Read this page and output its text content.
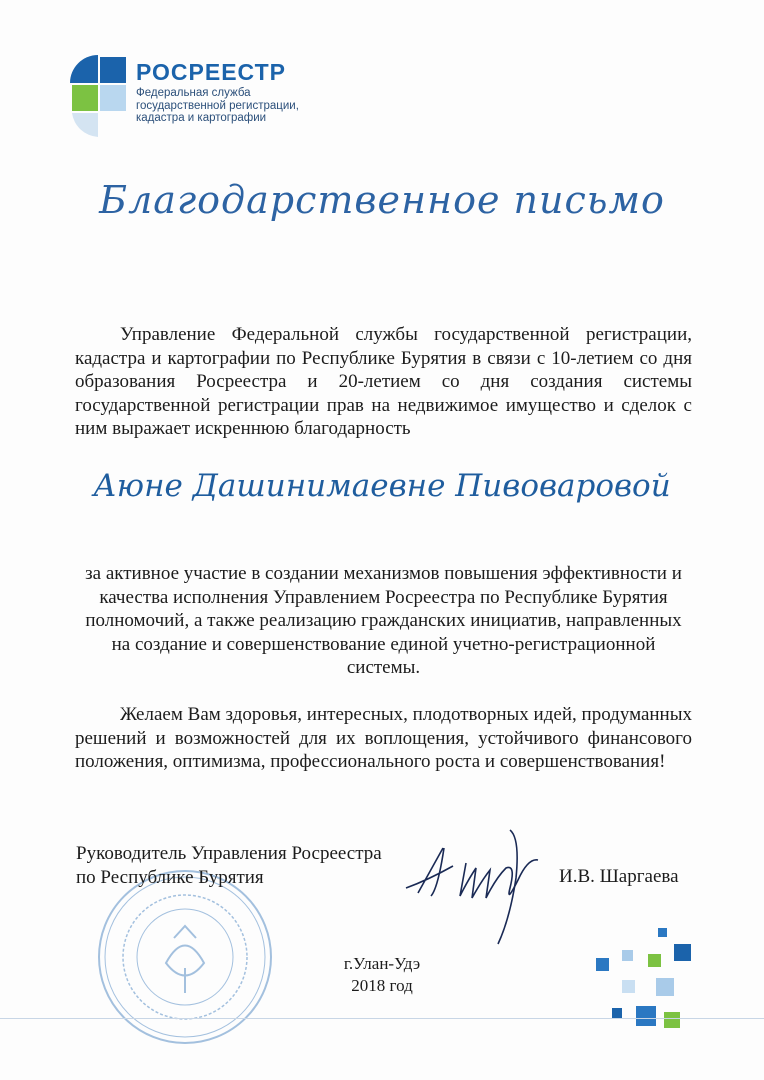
РОСРЕЕСТР
Федеральная служба
государственной регистрации,
кадастра и картографии
Благодарственное письмо
Управление Федеральной службы государственной регистрации, кадастра и картографии по Республике Бурятия в связи с 10-летием со дня образования Росреестра и 20-летием со дня создания системы государственной регистрации прав на недвижимое имущество и сделок с ним выражает искреннюю благодарность
Аюне Дашинимаевне Пивоваровой
за активное участие в создании механизмов повышения эффективности и качества исполнения Управлением Росреестра по Республике Бурятия полномочий, а также реализацию гражданских инициатив, направленных на создание и совершенствование единой учетно-регистрационной системы.
Желаем Вам здоровья, интересных, плодотворных идей, продуманных решений и возможностей для их воплощения, устойчивого финансового положения, оптимизма, профессионального роста и совершенствования!
Руководитель Управления Росреестра
по Республике Бурятия	И.В. Шаргаева
г.Улан-Удэ
2018 год
